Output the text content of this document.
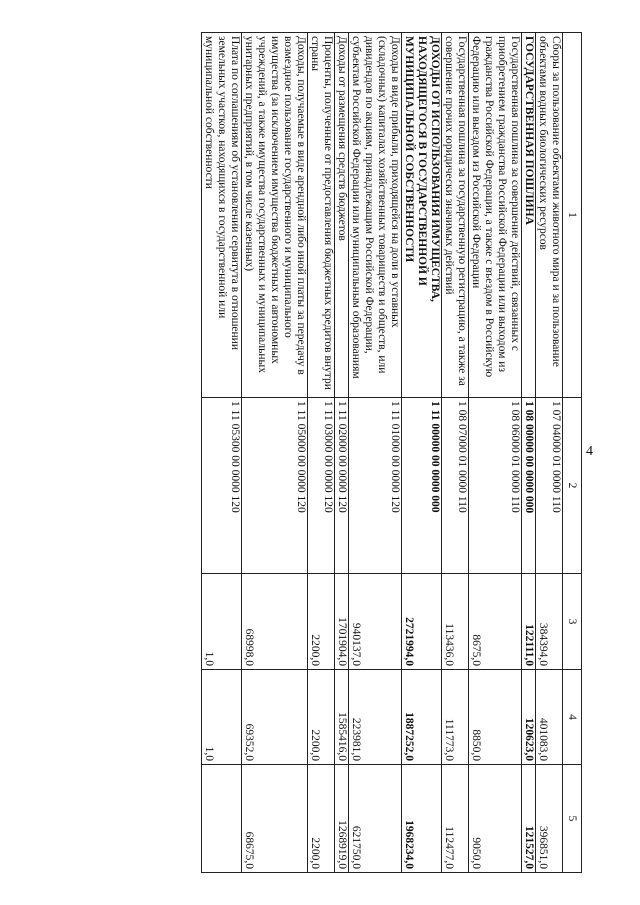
4
1	2	3	4	5
Сборы за пользование объектами животного мира и за пользование объектами водных биологических ресурсов	1 07 04000 01 0000 110	384394,0	401083,0	396851,0
ГОСУДАРСТВЕННАЯ ПОШЛИНА	1 08 00000 00 0000 000	122111,0	120623,0	121527,0
Государственная пошлина за совершение действий, связанных с приобретением гражданства Российской Федерации или выходом из гражданства Российской Федерации, а также с въездом в Российскую Федерацию или выездом из Российской Федерации	1 08 06000 01 0000 110	8675,0	8850,0	9050,0
Государственная пошлина за государственную регистрацию, а также за совершение прочих юридически значимых действий	1 08 07000 01 0000 110	113436,0	111773,0	112477,0
ДОХОДЫ ОТ ИСПОЛЬЗОВАНИЯ ИМУЩЕСТВА, НАХОДЯЩЕГОСЯ В ГОСУДАРСТВЕННОЙ И МУНИЦИПАЛЬНОЙ СОБСТВЕННОСТИ	1 11 00000 00 0000 000	2721994,0	1887252,0	1968234,0
Доходы в виде прибыли, приходящейся на доли в уставных (складочных) капиталах хозяйственных товариществ и обществ, или дивидендов по акциям, принадлежащим Российской Федерации, субъектам Российской Федерации или муниципальным образованиям	1 11 01000 00 0000 120	940137,0	223981,0	621750,0
Доходы от размещения средств бюджетов	1 11 02000 00 0000 120	1701904,0	1585416,0	1268919,0
Проценты, полученные от предоставления бюджетных кредитов внутри страны	1 11 03000 00 0000 120	2200,0	2200,0	2200,0
Доходы, получаемые в виде арендной либо иной платы за передачу в возмездное пользование государственного и муниципального имущества (за исключением имущества бюджетных и автономных учреждений, а также имущества государственных и муниципальных унитарных предприятий, в том числе казенных)	1 11 05000 00 0000 120	68998,0	69352,0	68675,0
Плата по соглашениям об установлении сервитута в отношении земельных участков, находящихся в государственной или муниципальной собственности	1 11 05300 00 0000 120	1,0	1,0	
